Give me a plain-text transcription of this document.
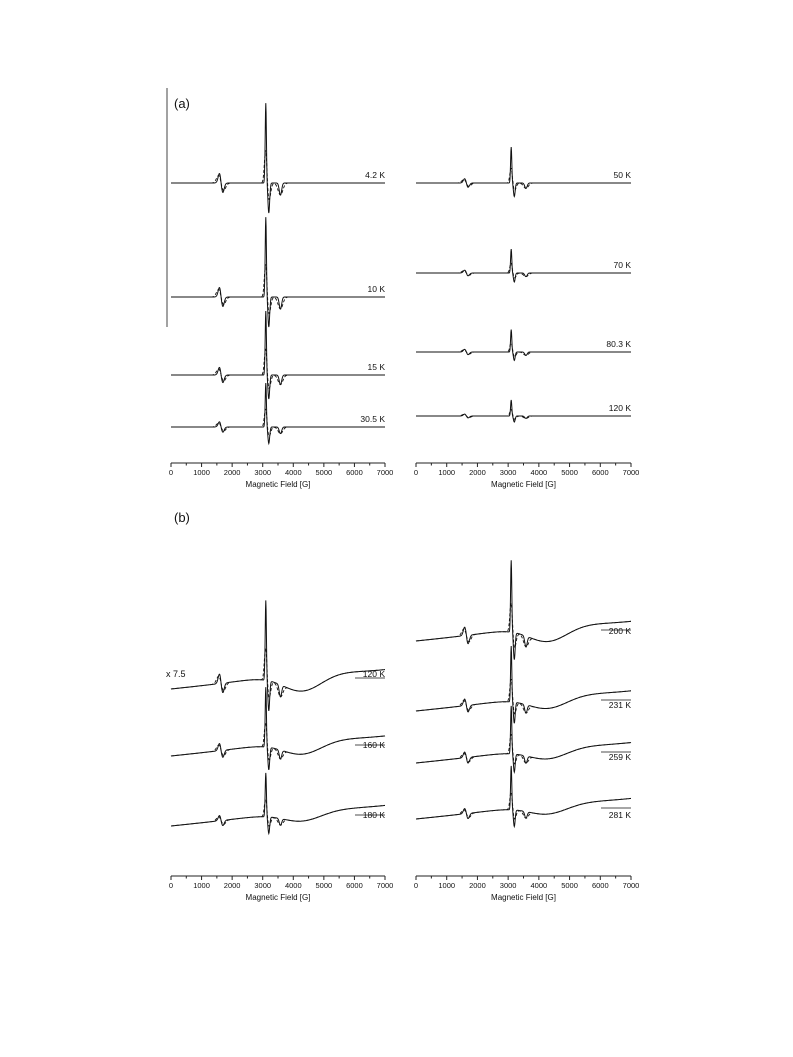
(a)
(b)
x 7.5
0	1000 2000 3000 4000 5000 6000 7000
Magnetic Field [G]
4.2 K
10 K
15 K
30.5 K
0	1000 2000 3000 4000 5000 6000 7000
Magnetic Field [G]
50 K
70 K
80.3 K
120 K
0	1000 2000 3000 4000 5000 6000 7000
Magnetic Field [G]
120 K
160 K
180 K
0	1000 2000 3000 4000 5000 6000 7000
Magnetic Field [G]
200 K
231 K
259 K
281 K
